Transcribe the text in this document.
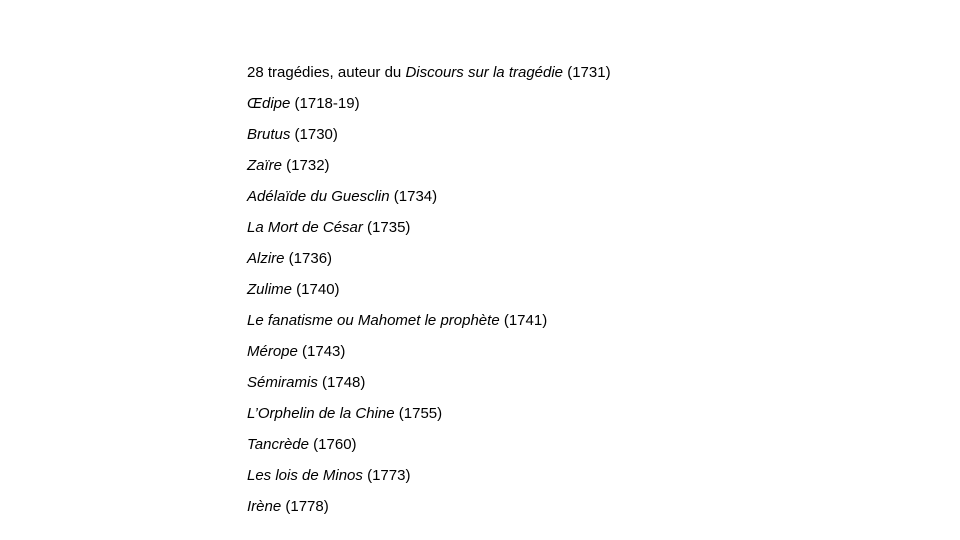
28 tragédies, auteur du Discours sur la tragédie (1731)
Œdipe (1718-19)
Brutus (1730)
Zaïre (1732)
Adélaïde du Guesclin (1734)
La Mort de César (1735)
Alzire (1736)
Zulime (1740)
Le fanatisme ou Mahomet le prophète (1741)
Mérope (1743)
Sémiramis (1748)
L’Orphelin de la Chine (1755)
Tancrède (1760)
Les lois de Minos (1773)
Irène (1778)
